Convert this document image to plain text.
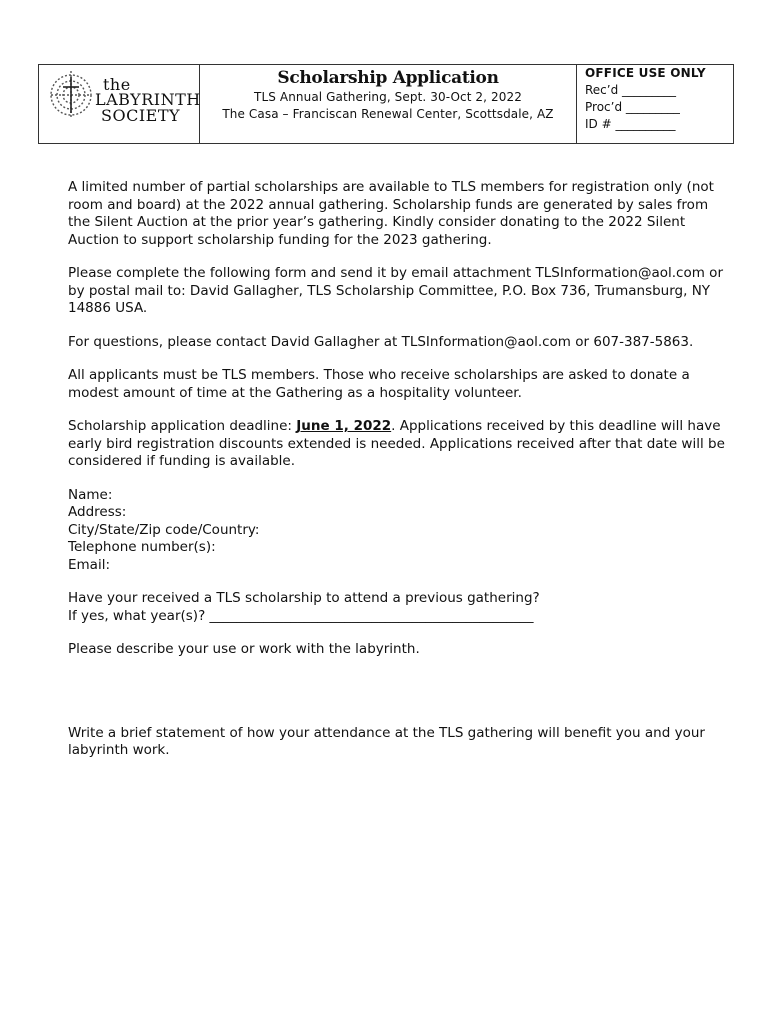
the
LABYRINTH
SOCIETY
Scholarship Application
TLS Annual Gathering, Sept. 30-Oct 2, 2022
The Casa – Franciscan Renewal Center, Scottsdale, AZ
OFFICE USE ONLY
Rec’d _________
Proc’d _________
ID # __________

A limited number of partial scholarships are available to TLS members for registration only (not room and board) at the 2022 annual gathering. Scholarship funds are generated by sales from the Silent Auction at the prior year’s gathering. Kindly consider donating to the 2022 Silent Auction to support scholarship funding for the 2023 gathering.

Please complete the following form and send it by email attachment TLSInformation@aol.com or by postal mail to: David Gallagher, TLS Scholarship Committee, P.O. Box 736, Trumansburg, NY 14886 USA.

For questions, please contact David Gallagher at TLSInformation@aol.com or 607-387-5863.

All applicants must be TLS members. Those who receive scholarships are asked to donate a modest amount of time at the Gathering as a hospitality volunteer.

Scholarship application deadline: June 1, 2022. Applications received by this deadline will have early bird registration discounts extended is needed. Applications received after that date will be considered if funding is available.

Name:
Address:
City/State/Zip code/Country:
Telephone number(s):
Email:
Have your received a TLS scholarship to attend a previous gathering?
If yes, what year(s)? ________________________________________________

Please describe your use or work with the labyrinth.

Write a brief statement of how your attendance at the TLS gathering will benefit you and your labyrinth work.
